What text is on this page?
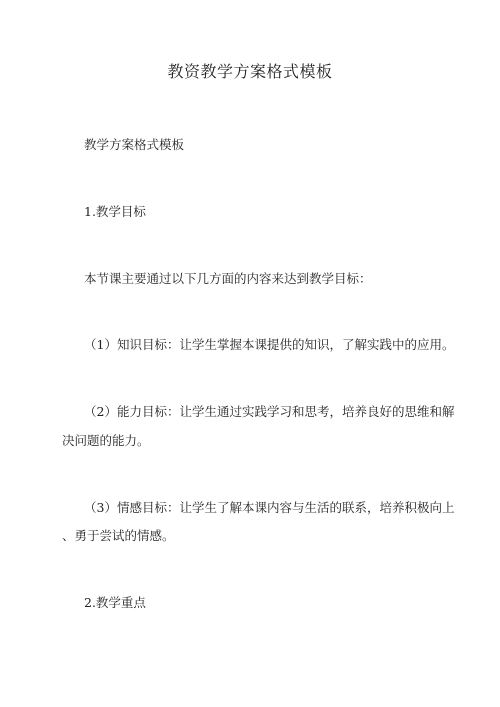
教资教学方案格式模板
教学方案格式模板
1.教学目标
本节课主要通过以下几方面的内容来达到教学目标：
（1）知识目标：让学生掌握本课提供的知识，了解实践中的应用。
（2）能力目标：让学生通过实践学习和思考，培养良好的思维和解
决问题的能力。
（3）情感目标：让学生了解本课内容与生活的联系，培养积极向上
、勇于尝试的情感。
2.教学重点
